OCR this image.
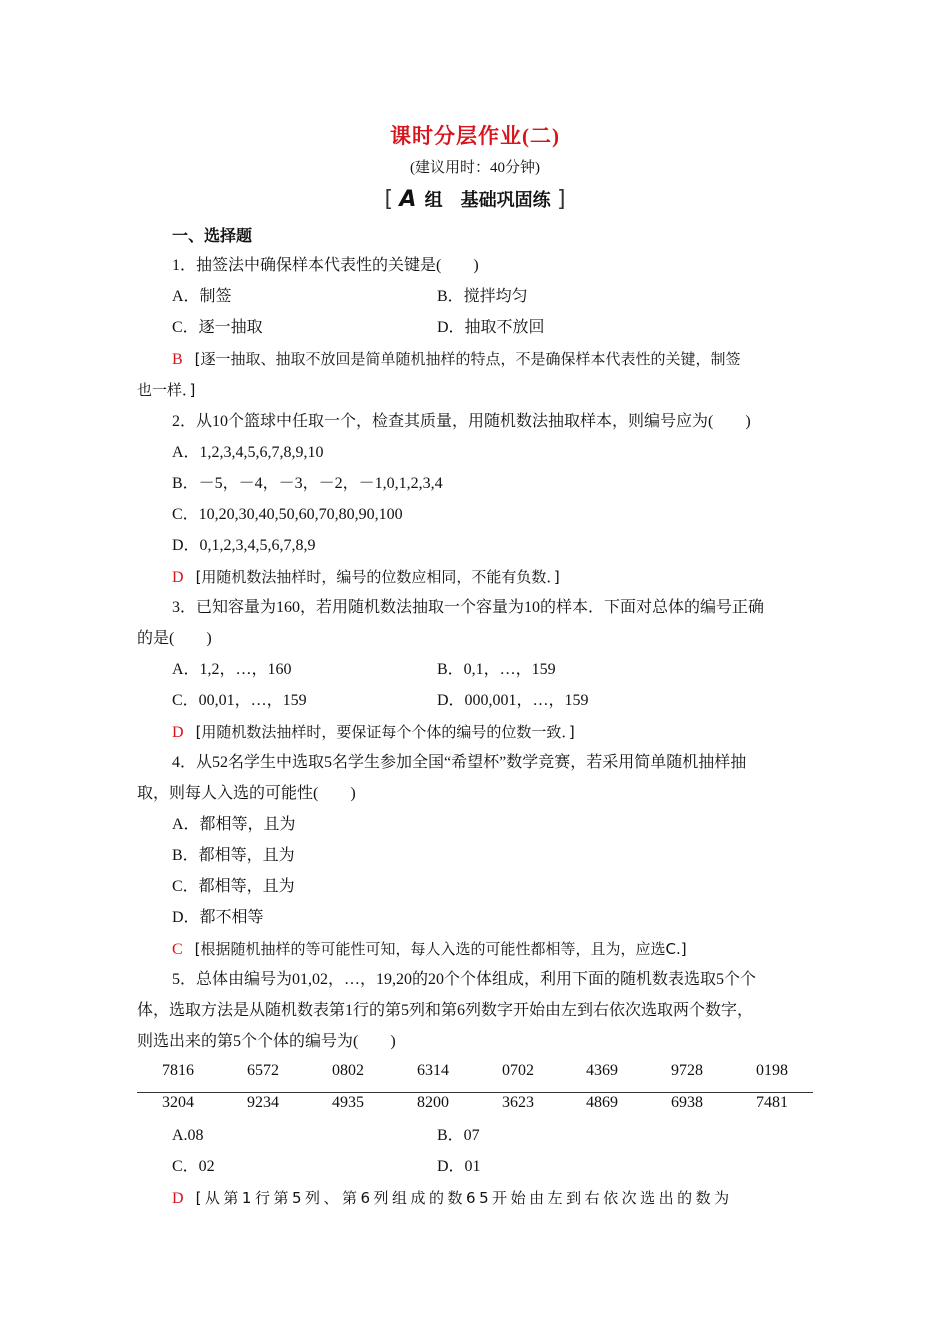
课时分层作业(二)
(建议用时：40分钟)
[ A 组　基础巩固练 ]
一、选择题
1．抽签法中确保样本代表性的关键是(　　)
A．制签	B．搅拌均匀
C．逐一抽取	D．抽取不放回
B [逐一抽取、抽取不放回是简单随机抽样的特点，不是确保样本代表性的关键，制签
也一样．]
2．从10个篮球中任取一个，检查其质量，用随机数法抽取样本，则编号应为(　　)
A．1,2,3,4,5,6,7,8,9,10
B．－5，－4，－3，－2，－1,0,1,2,3,4
C．10,20,30,40,50,60,70,80,90,100
D．0,1,2,3,4,5,6,7,8,9
D [用随机数法抽样时，编号的位数应相同，不能有负数．]
3．已知容量为160，若用随机数法抽取一个容量为10的样本．下面对总体的编号正确
的是(　　)
A．1,2，…，160	B．0,1，…，159
C．00,01，…，159	D．000,001，…，159
D [用随机数法抽样时，要保证每个个体的编号的位数一致．]
4．从52名学生中选取5名学生参加全国“希望杯”数学竞赛，若采用简单随机抽样抽
取，则每人入选的可能性(　　)
A．都相等，且为
B．都相等，且为
C．都相等，且为
D．都不相等
C [根据随机抽样的等可能性可知，每人入选的可能性都相等，且为，应选C.]
5．总体由编号为01,02，…，19,20的20个个体组成，利用下面的随机数表选取5个个
体，选取方法是从随机数表第1行的第5列和第6列数字开始由左到右依次选取两个数字，
则选出来的第5个个体的编号为(　　)
7816	6572	0802	6314	0702	4369	9728	0198
3204	9234	4935	8200	3623	4869	6938	7481
A.08	B．07
C．02	D．01
D [从第1行第5列、第6列组成的数65开始由左到右依次选出的数为
